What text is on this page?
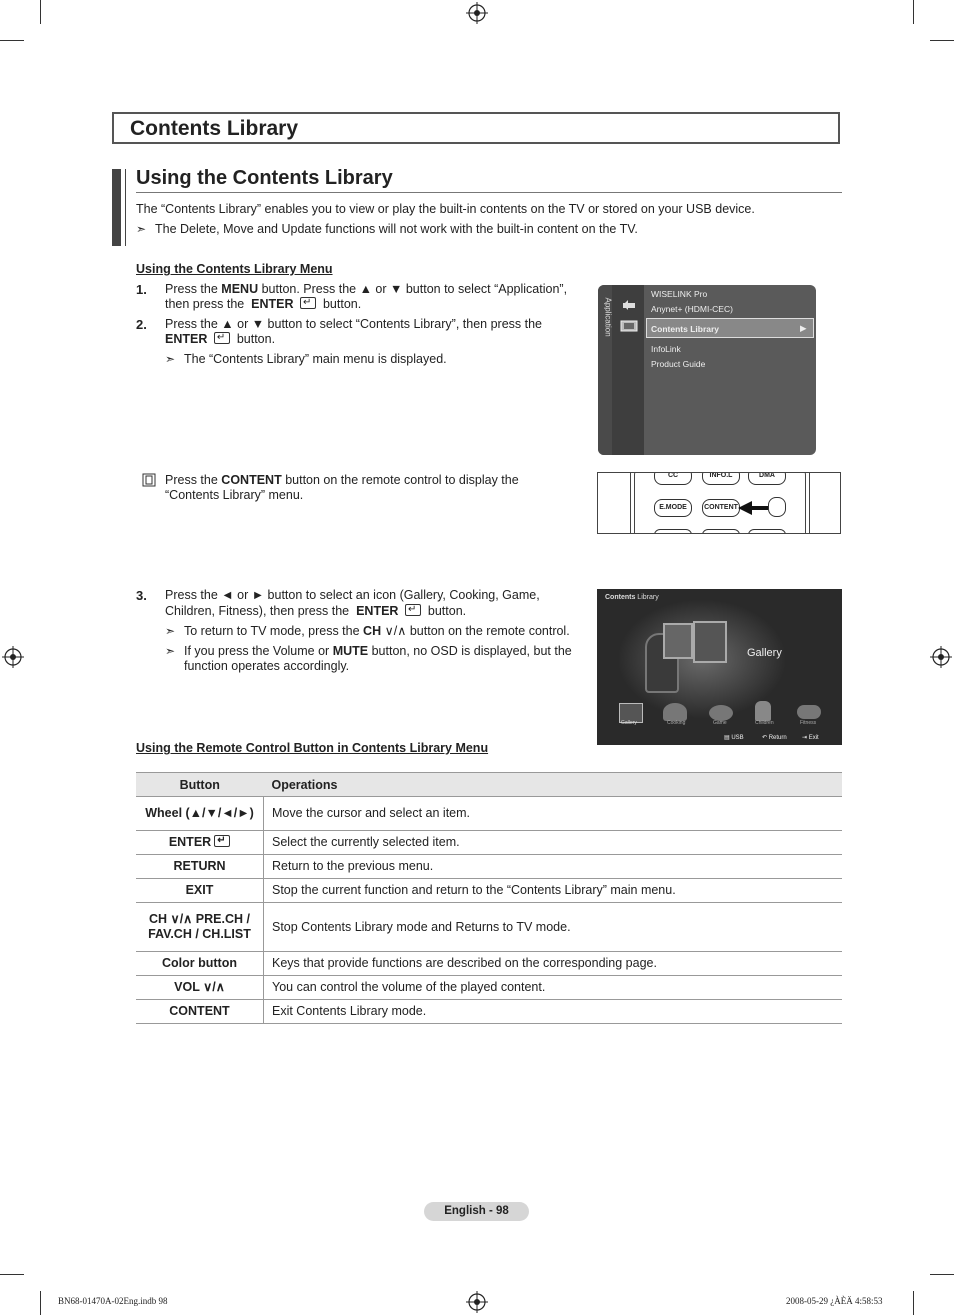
Contents Library
Using the Contents Library
The “Contents Library” enables you to view or play the built-in contents on the TV or stored on your USB device.
➣ The Delete, Move and Update functions will not work with the built-in content on the TV.
Using the Contents Library Menu
1. Press the MENU button. Press the ▲ or ▼ button to select “Application”,
then press the ENTER ↵ button.
2. Press the ▲ or ▼ button to select “Contents Library”, then press the
ENTER ↵ button.
➣ The “Contents Library” main menu is displayed.
Application
WISELINK Pro
Anynet+ (HDMI-CEC)
Contents Library	▶
InfoLink
Product Guide
Press the CONTENT button on the remote control to display the
“Contents Library” menu.
CC	INFO.L	DMA
E.MODE	CONTENT
3. Press the ◄ or ► button to select an icon (Gallery, Cooking, Game,
Children, Fitness), then press the ENTER ↵ button.
➣ To return to TV mode, press the CH ∨/∧ button on the remote control.
➣ If you press the Volume or MUTE button, no OSD is displayed, but the
function operates accordingly.
Contents Library
Gallery
Gallery	Cooking	Game	Children	Fitness
▤ USB	↶ Return	⇥ Exit
Using the Remote Control Button in Contents Library Menu
Button	Operations
Wheel (▲/▼/◄/►)	Move the cursor and select an item.
ENTER↵	Select the currently selected item.
RETURN	Return to the previous menu.
EXIT	Stop the current function and return to the “Contents Library” main menu.
CH ∨/∧ PRE.CH / FAV.CH / CH.LIST	Stop Contents Library mode and Returns to TV mode.
Color button	Keys that provide functions are described on the corresponding page.
VOL ∨/∧	You can control the volume of the played content.
CONTENT	Exit Contents Library mode.
English - 98
BN68-01470A-02Eng.indb 98	2008-05-29 ¿ÀÈÄ 4:58:53
